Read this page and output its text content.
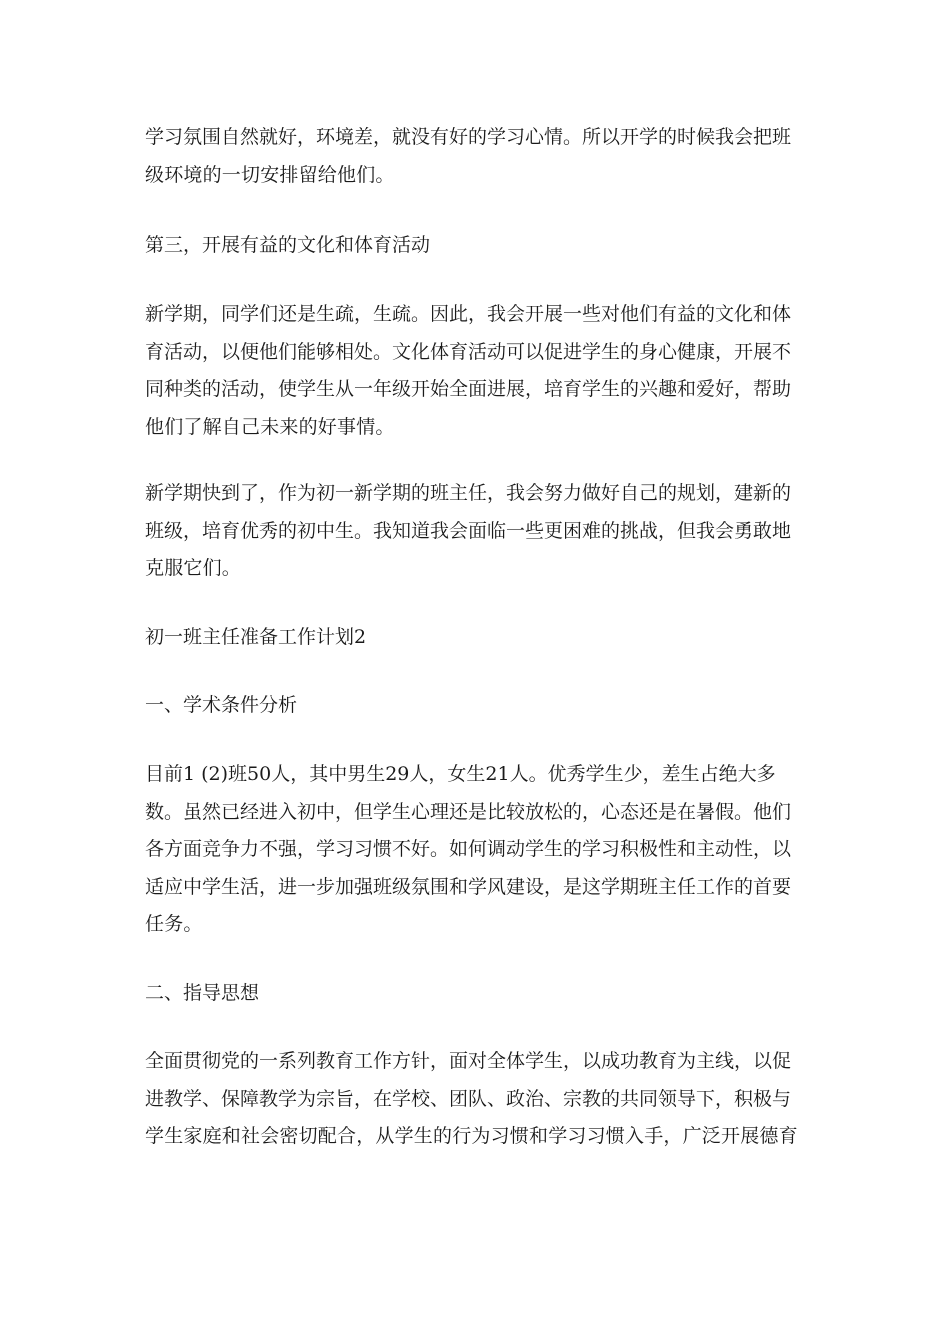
学习氛围自然就好，环境差，就没有好的学习心情。所以开学的时候我会把班
级环境的一切安排留给他们。

第三，开展有益的文化和体育活动

新学期，同学们还是生疏，生疏。因此，我会开展一些对他们有益的文化和体
育活动，以便他们能够相处。文化体育活动可以促进学生的身心健康，开展不
同种类的活动，使学生从一年级开始全面进展，培育学生的兴趣和爱好，帮助
他们了解自己未来的好事情。

新学期快到了，作为初一新学期的班主任，我会努力做好自己的规划，建新的
班级，培育优秀的初中生。我知道我会面临一些更困难的挑战，但我会勇敢地
克服它们。

初一班主任准备工作计划2

一、学术条件分析

目前1 (2)班50人，其中男生29人，女生21人。优秀学生少，差生占绝大多
数。虽然已经进入初中，但学生心理还是比较放松的，心态还是在暑假。他们
各方面竞争力不强，学习习惯不好。如何调动学生的学习积极性和主动性，以
适应中学生活，进一步加强班级氛围和学风建设，是这学期班主任工作的首要
任务。

二、指导思想

全面贯彻党的一系列教育工作方针，面对全体学生，以成功教育为主线，以促
进教学、保障教学为宗旨，在学校、团队、政治、宗教的共同领导下，积极与
学生家庭和社会密切配合，从学生的行为习惯和学习习惯入手，广泛开展德育
